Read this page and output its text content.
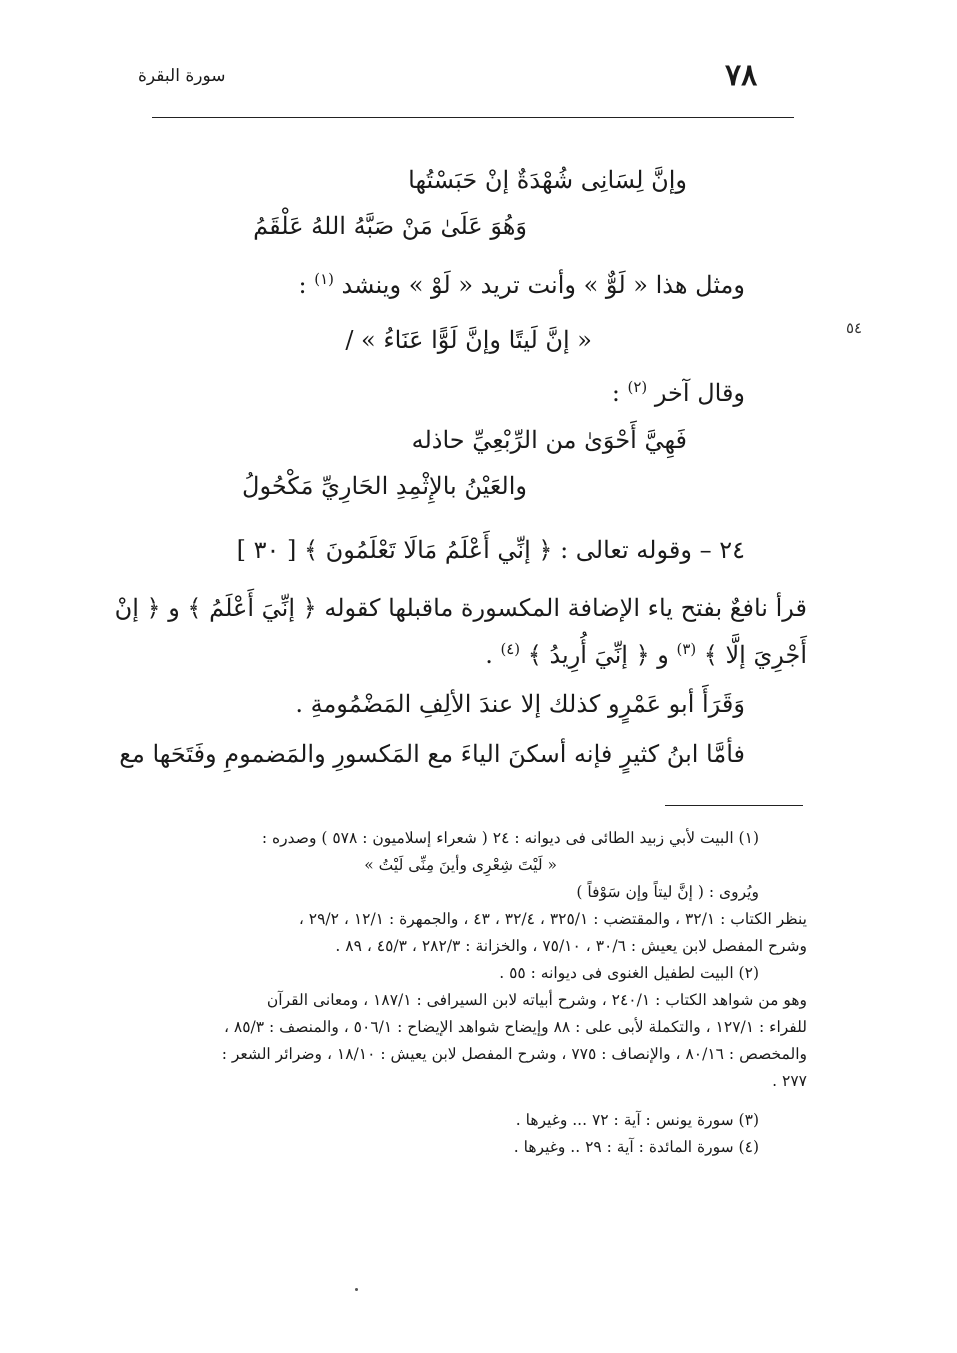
٧٨
سورة البقرة
٥٤
وإنَّ لِسَانِى شُهْدَةٌ إنْ حَبَسْتُها
وَهُوَ عَلَىٰ مَنْ صَبَّهُ اللهُ عَلْقَمُ
ومثل هذا « لَوٌّ » وأنت تريد « لَوْ » وينشد $^{(١)}$ :
« إنَّ لَيتًا وإنَّ لَوًّا عَنَاءُ » /
وقال آخر $^{(٢)}$ :
فَهِيَّ أَحْوَىٰ من الرِّبْعِيِّ حاذله
والعَيْنُ بالإِثْمِدِ الحَارِيِّ مَكْحُولُ
٢٤ – وقوله تعالى : ﴿ إنِّي أَعْلَمُ مَالَا تَعْلَمُونَ ﴾ [ ٣٠ ]
قرأ نافعٌ بفتح ياء الإضافة المكسورة ماقبلها كقوله ﴿ إنِّيَ أَعْلَمُ ﴾ و ﴿ إنْ
أَجْرِيَ إلَّا ﴾ $^{(٣)}$ و ﴿ إنِّيَ أُرِيدُ ﴾ $^{(٤)}$ .
وَقَرَأَ أبو عَمْرٍو كذلك إلا عندَ الألِفِ المَضْمُومةِ .
فأمَّا ابنُ كثيرٍ فإنه أسكنَ الياءَ مع المَكسورِ والمَضمومِ وفَتَحَها مع
(١) البيت لأبي زبيد الطائى فى ديوانه : ٢٤ ( شعراء إسلاميون : ٥٧٨ ) وصدره :
« لَيْتَ شِعْرِى وأينَ مِنِّى لَيْتُ »
ويُروى : ( إنَّ ليتاً وإن سَوْفاً )
ينظر الكتاب : ٣٢/١ ، والمقتضب : ٣٢٥/١ ، ٣٢/٤ ، ٤٣ ، والجمهرة : ١٢/١ ، ٢٩/٢ ،
وشرح المفصل لابن يعيش : ٣٠/٦ ، ٧٥/١٠ ، والخزانة : ٢٨٢/٣ ، ٤٥/٣ ، ٨٩ .
(٢) البيت لطفيل الغنوى فى ديوانه : ٥٥ .
وهو من شواهد الكتاب : ٢٤٠/١ ، وشرح أبياته لابن السيرافى : ١٨٧/١ ، ومعانى القرآن
للفراء : ١٢٧/١ ، والتكملة لأبى على : ٨٨ وإيضاح شواهد الإيضاح : ٥٠٦/١ ، والمنصف : ٨٥/٣ ،
والمخصص : ٨٠/١٦ ، والإنصاف : ٧٧٥ ، وشرح المفصل لابن يعيش : ١٨/١٠ ، وضرائر الشعر :
٢٧٧ .
(٣) سورة يونس : آية : ٧٢ ... وغيرها .
(٤) سورة المائدة : آية : ٢٩ .. وغيرها .
